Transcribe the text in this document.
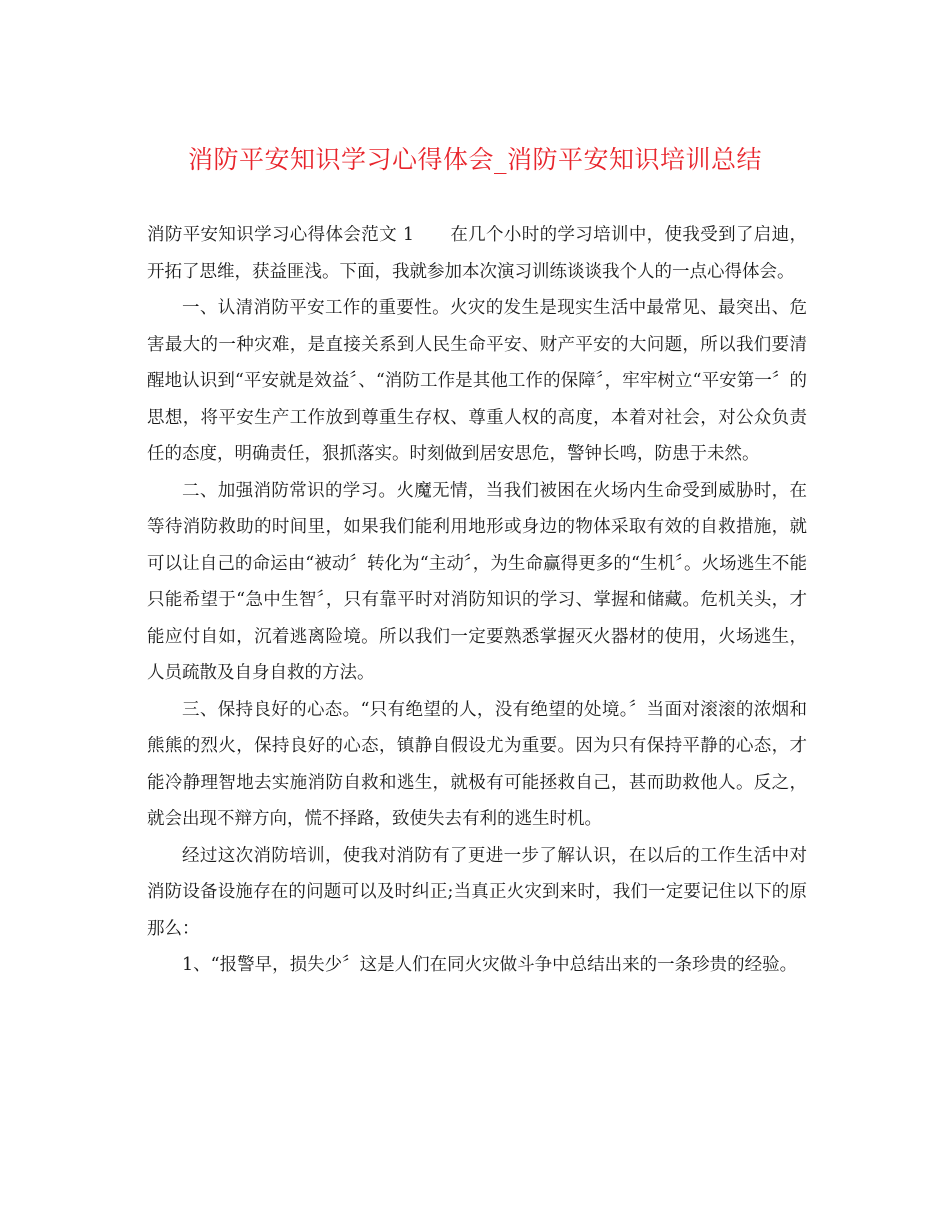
消防平安知识学习心得体会_消防平安知识培训总结

消防平安知识学习心得体会范文 1 在几个小时的学习培训中，使我受到了启迪，开拓了思维，获益匪浅。下面，我就参加本次演习训练谈谈我个人的一点心得体会。

一、认清消防平安工作的重要性。火灾的发生是现实生活中最常见、最突出、危害最大的一种灾难，是直接关系到人民生命平安、财产平安的大问题，所以我们要清醒地认识到“平安就是效益〞、“消防工作是其他工作的保障〞，牢牢树立“平安第一〞的思想，将平安生产工作放到尊重生存权、尊重人权的高度，本着对社会，对公众负责任的态度，明确责任，狠抓落实。时刻做到居安思危，警钟长鸣，防患于未然。

二、加强消防常识的学习。火魔无情，当我们被困在火场内生命受到威胁时，在等待消防救助的时间里，如果我们能利用地形或身边的物体采取有效的自救措施，就可以让自己的命运由“被动〞转化为“主动〞，为生命赢得更多的“生机〞。火场逃生不能只能希望于“急中生智〞，只有靠平时对消防知识的学习、掌握和储藏。危机关头，才能应付自如，沉着逃离险境。所以我们一定要熟悉掌握灭火器材的使用，火场逃生，人员疏散及自身自救的方法。

三、保持良好的心态。“只有绝望的人，没有绝望的处境。〞当面对滚滚的浓烟和熊熊的烈火，保持良好的心态，镇静自假设尤为重要。因为只有保持平静的心态，才能冷静理智地去实施消防自救和逃生，就极有可能拯救自己，甚而助救他人。反之，就会出现不辩方向，慌不择路，致使失去有利的逃生时机。

经过这次消防培训，使我对消防有了更进一步了解认识，在以后的工作生活中对消防设备设施存在的问题可以及时纠正;当真正火灾到来时，我们一定要记住以下的原那么：

1、“报警早，损失少〞这是人们在同火灾做斗争中总结出来的一条珍贵的经验。
